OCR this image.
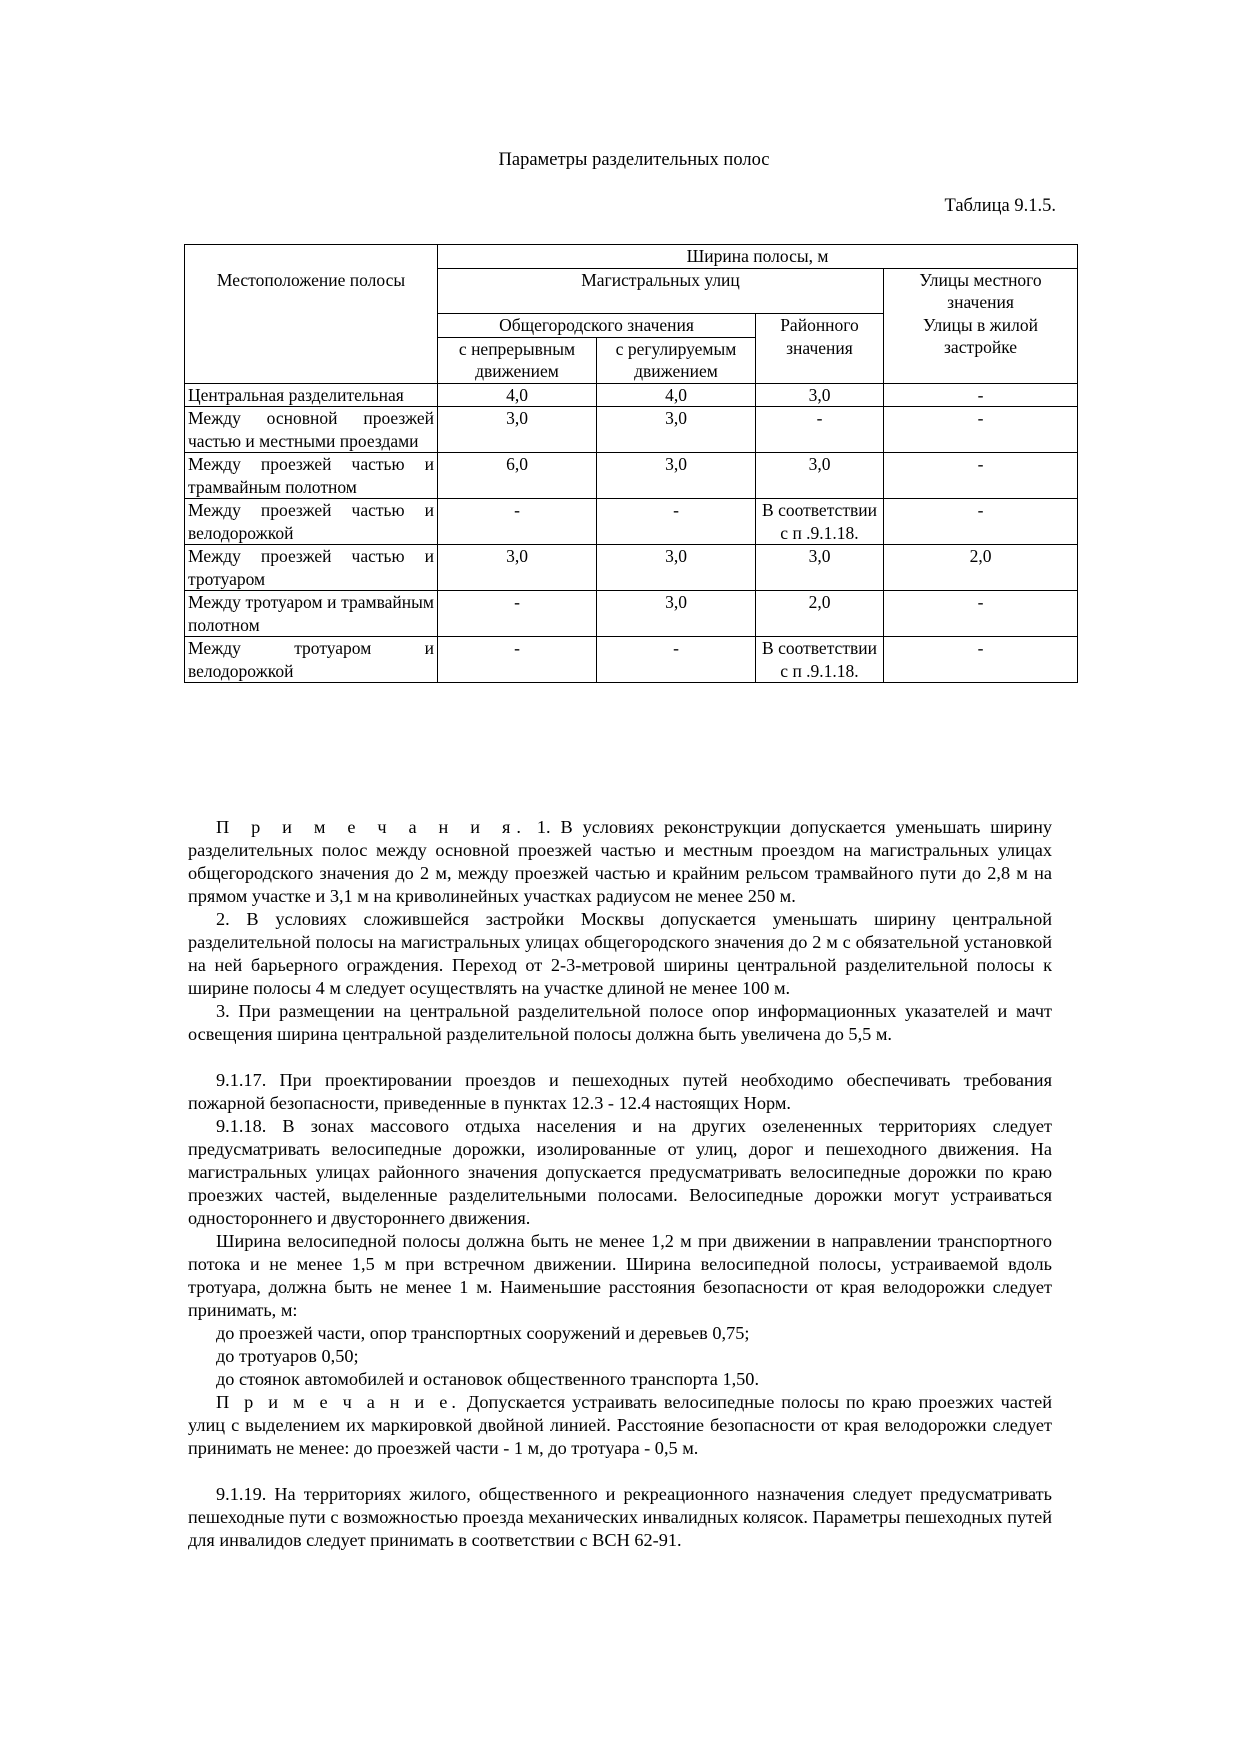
Параметры разделительных полос
Таблица 9.1.5.
Местоположение полосы	Ширина полосы, м			
	Магистральных улиц			Улицы местного значения
	Общегородского значения		Районного значения	Улицы в жилой застройке
	с непрерывным движением	с регулируемым движением		
Центральная разделительная	4,0	4,0	3,0	-
Между основной проезжей частью и местными проездами	3,0	3,0	-	-
Между проезжей частью и трамвайным полотном	6,0	3,0	3,0	-
Между проезжей частью и велодорожкой	-	-	В соответствии с п .9.1.18.	-
Между проезжей частью и тротуаром	3,0	3,0	3,0	2,0
Между тротуаром и трамвайным полотном	-	3,0	2,0	-
Между тротуаром и велодорожкой	-	-	В соответствии с п .9.1.18.	-

П р и м е ч а н и я. 1. В условиях реконструкции допускается уменьшать ширину разделительных полос между основной проезжей частью и местным проездом на магистральных улицах общегородского значения до 2 м, между проезжей частью и крайним рельсом трамвайного пути до 2,8 м на прямом участке и 3,1 м на криволинейных участках радиусом не менее 250 м.

2. В условиях сложившейся застройки Москвы допускается уменьшать ширину центральной разделительной полосы на магистральных улицах общегородского значения до 2 м с обязательной установкой на ней барьерного ограждения. Переход от 2-3-метровой ширины центральной разделительной полосы к ширине полосы 4 м следует осуществлять на участке длиной не менее 100 м.

3. При размещении на центральной разделительной полосе опор информационных указателей и мачт освещения ширина центральной разделительной полосы должна быть увеличена до 5,5 м.

9.1.17. При проектировании проездов и пешеходных путей необходимо обеспечивать требования пожарной безопасности, приведенные в пунктах 12.3 - 12.4 настоящих Норм.

9.1.18. В зонах массового отдыха населения и на других озелененных территориях следует предусматривать велосипедные дорожки, изолированные от улиц, дорог и пешеходного движения. На магистральных улицах районного значения допускается предусматривать велосипедные дорожки по краю проезжих частей, выделенные разделительными полосами. Велосипедные дорожки могут устраиваться одностороннего и двустороннего движения.

Ширина велосипедной полосы должна быть не менее 1,2 м при движении в направлении транспортного потока и не менее 1,5 м при встречном движении. Ширина велосипедной полосы, устраиваемой вдоль тротуара, должна быть не менее 1 м. Наименьшие расстояния безопасности от края велодорожки следует принимать, м:

до проезжей части, опор транспортных сооружений и деревьев 0,75;

до тротуаров 0,50;

до стоянок автомобилей и остановок общественного транспорта 1,50.

П р и м е ч а н и е. Допускается устраивать велосипедные полосы по краю проезжих частей улиц с выделением их маркировкой двойной линией. Расстояние безопасности от края велодорожки следует принимать не менее: до проезжей части - 1 м, до тротуара - 0,5 м.

9.1.19. На территориях жилого, общественного и рекреационного назначения следует предусматривать пешеходные пути с возможностью проезда механических инвалидных колясок. Параметры пешеходных путей для инвалидов следует принимать в соответствии с ВСН 62-91.
